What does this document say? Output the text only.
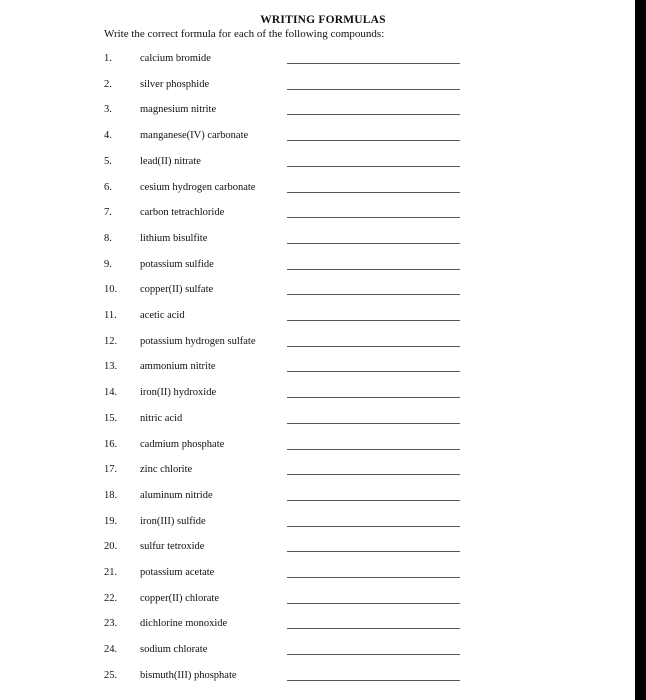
WRITING FORMULAS
Write the correct formula for each of the following compounds:
1.	calcium bromide
2.	silver phosphide
3.	magnesium nitrite
4.	manganese(IV) carbonate
5.	lead(II) nitrate
6.	cesium hydrogen carbonate
7.	carbon tetrachloride
8.	lithium bisulfite
9.	potassium sulfide
10. copper(II) sulfate
11. acetic acid
12. potassium hydrogen sulfate
13. ammonium nitrite
14. iron(II) hydroxide
15. nitric acid
16. cadmium phosphate
17. zinc chlorite
18. aluminum nitride
19. iron(III) sulfide
20. sulfur tetroxide
21. potassium acetate
22. copper(II) chlorate
23. dichlorine monoxide
24. sodium chlorate
25. bismuth(III) phosphate
